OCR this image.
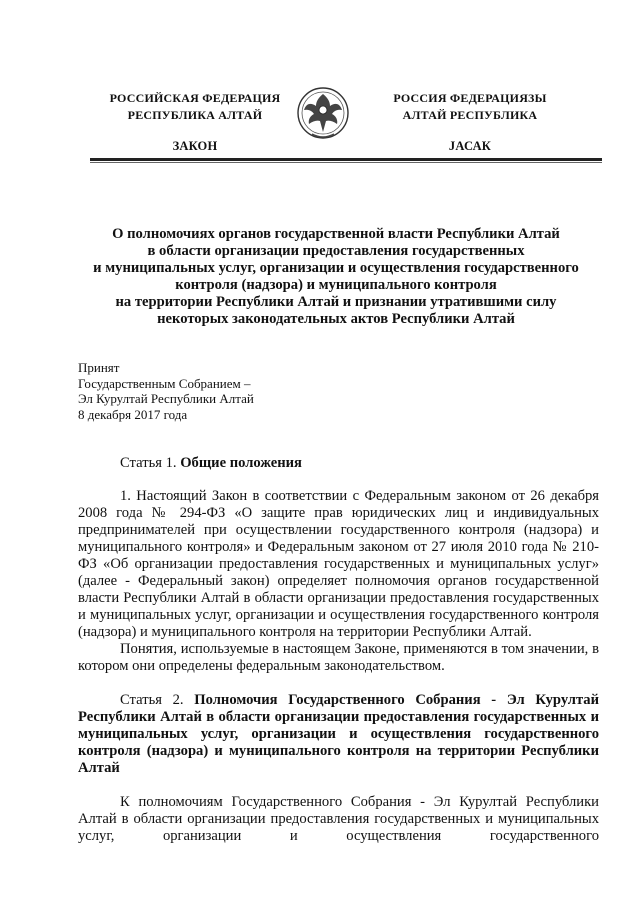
РОССИЙСКАЯ ФЕДЕРАЦИЯ
РЕСПУБЛИКА АЛТАЙ
ЗАКОН
РОССИЯ ФЕДЕРАЦИЯЗЫ
АЛТАЙ РЕСПУБЛИКА
JАСАК
О полномочиях органов государственной власти Республики Алтай
в области организации предоставления государственных
и муниципальных услуг, организации и осуществления государственного
контроля (надзора) и муниципального контроля
на территории Республики Алтай и признании утратившими силу
некоторых законодательных актов Республики Алтай
Принят
Государственным Собранием –
Эл Курултай Республики Алтай
8 декабря 2017 года
Статья 1. Общие положения

1. Настоящий Закон в соответствии с Федеральным законом от 26 декабря 2008 года № 294-ФЗ «О защите прав юридических лиц и индивидуальных предпринимателей при осуществлении государственного контроля (надзора) и муниципального контроля» и Федеральным законом от 27 июля 2010 года № 210-ФЗ «Об организации предоставления государственных и муниципальных услуг» (далее - Федеральный закон) определяет полномочия органов государственной власти Республики Алтай в области организации предоставления государственных и муниципальных услуг, организации и осуществления государственного контроля (надзора) и муниципального контроля на территории Республики Алтай.

Понятия, используемые в настоящем Законе, применяются в том значении, в котором они определены федеральным законодательством.

Статья 2. Полномочия Государственного Собрания - Эл Курултай Республики Алтай в области организации предоставления государственных и муниципальных услуг, организации и осуществления государственного контроля (надзора) и муниципального контроля на территории Республики Алтай

К полномочиям Государственного Собрания - Эл Курултай Республики Алтай в области организации предоставления государственных и муниципальных услуг, организации и осуществления государственного
